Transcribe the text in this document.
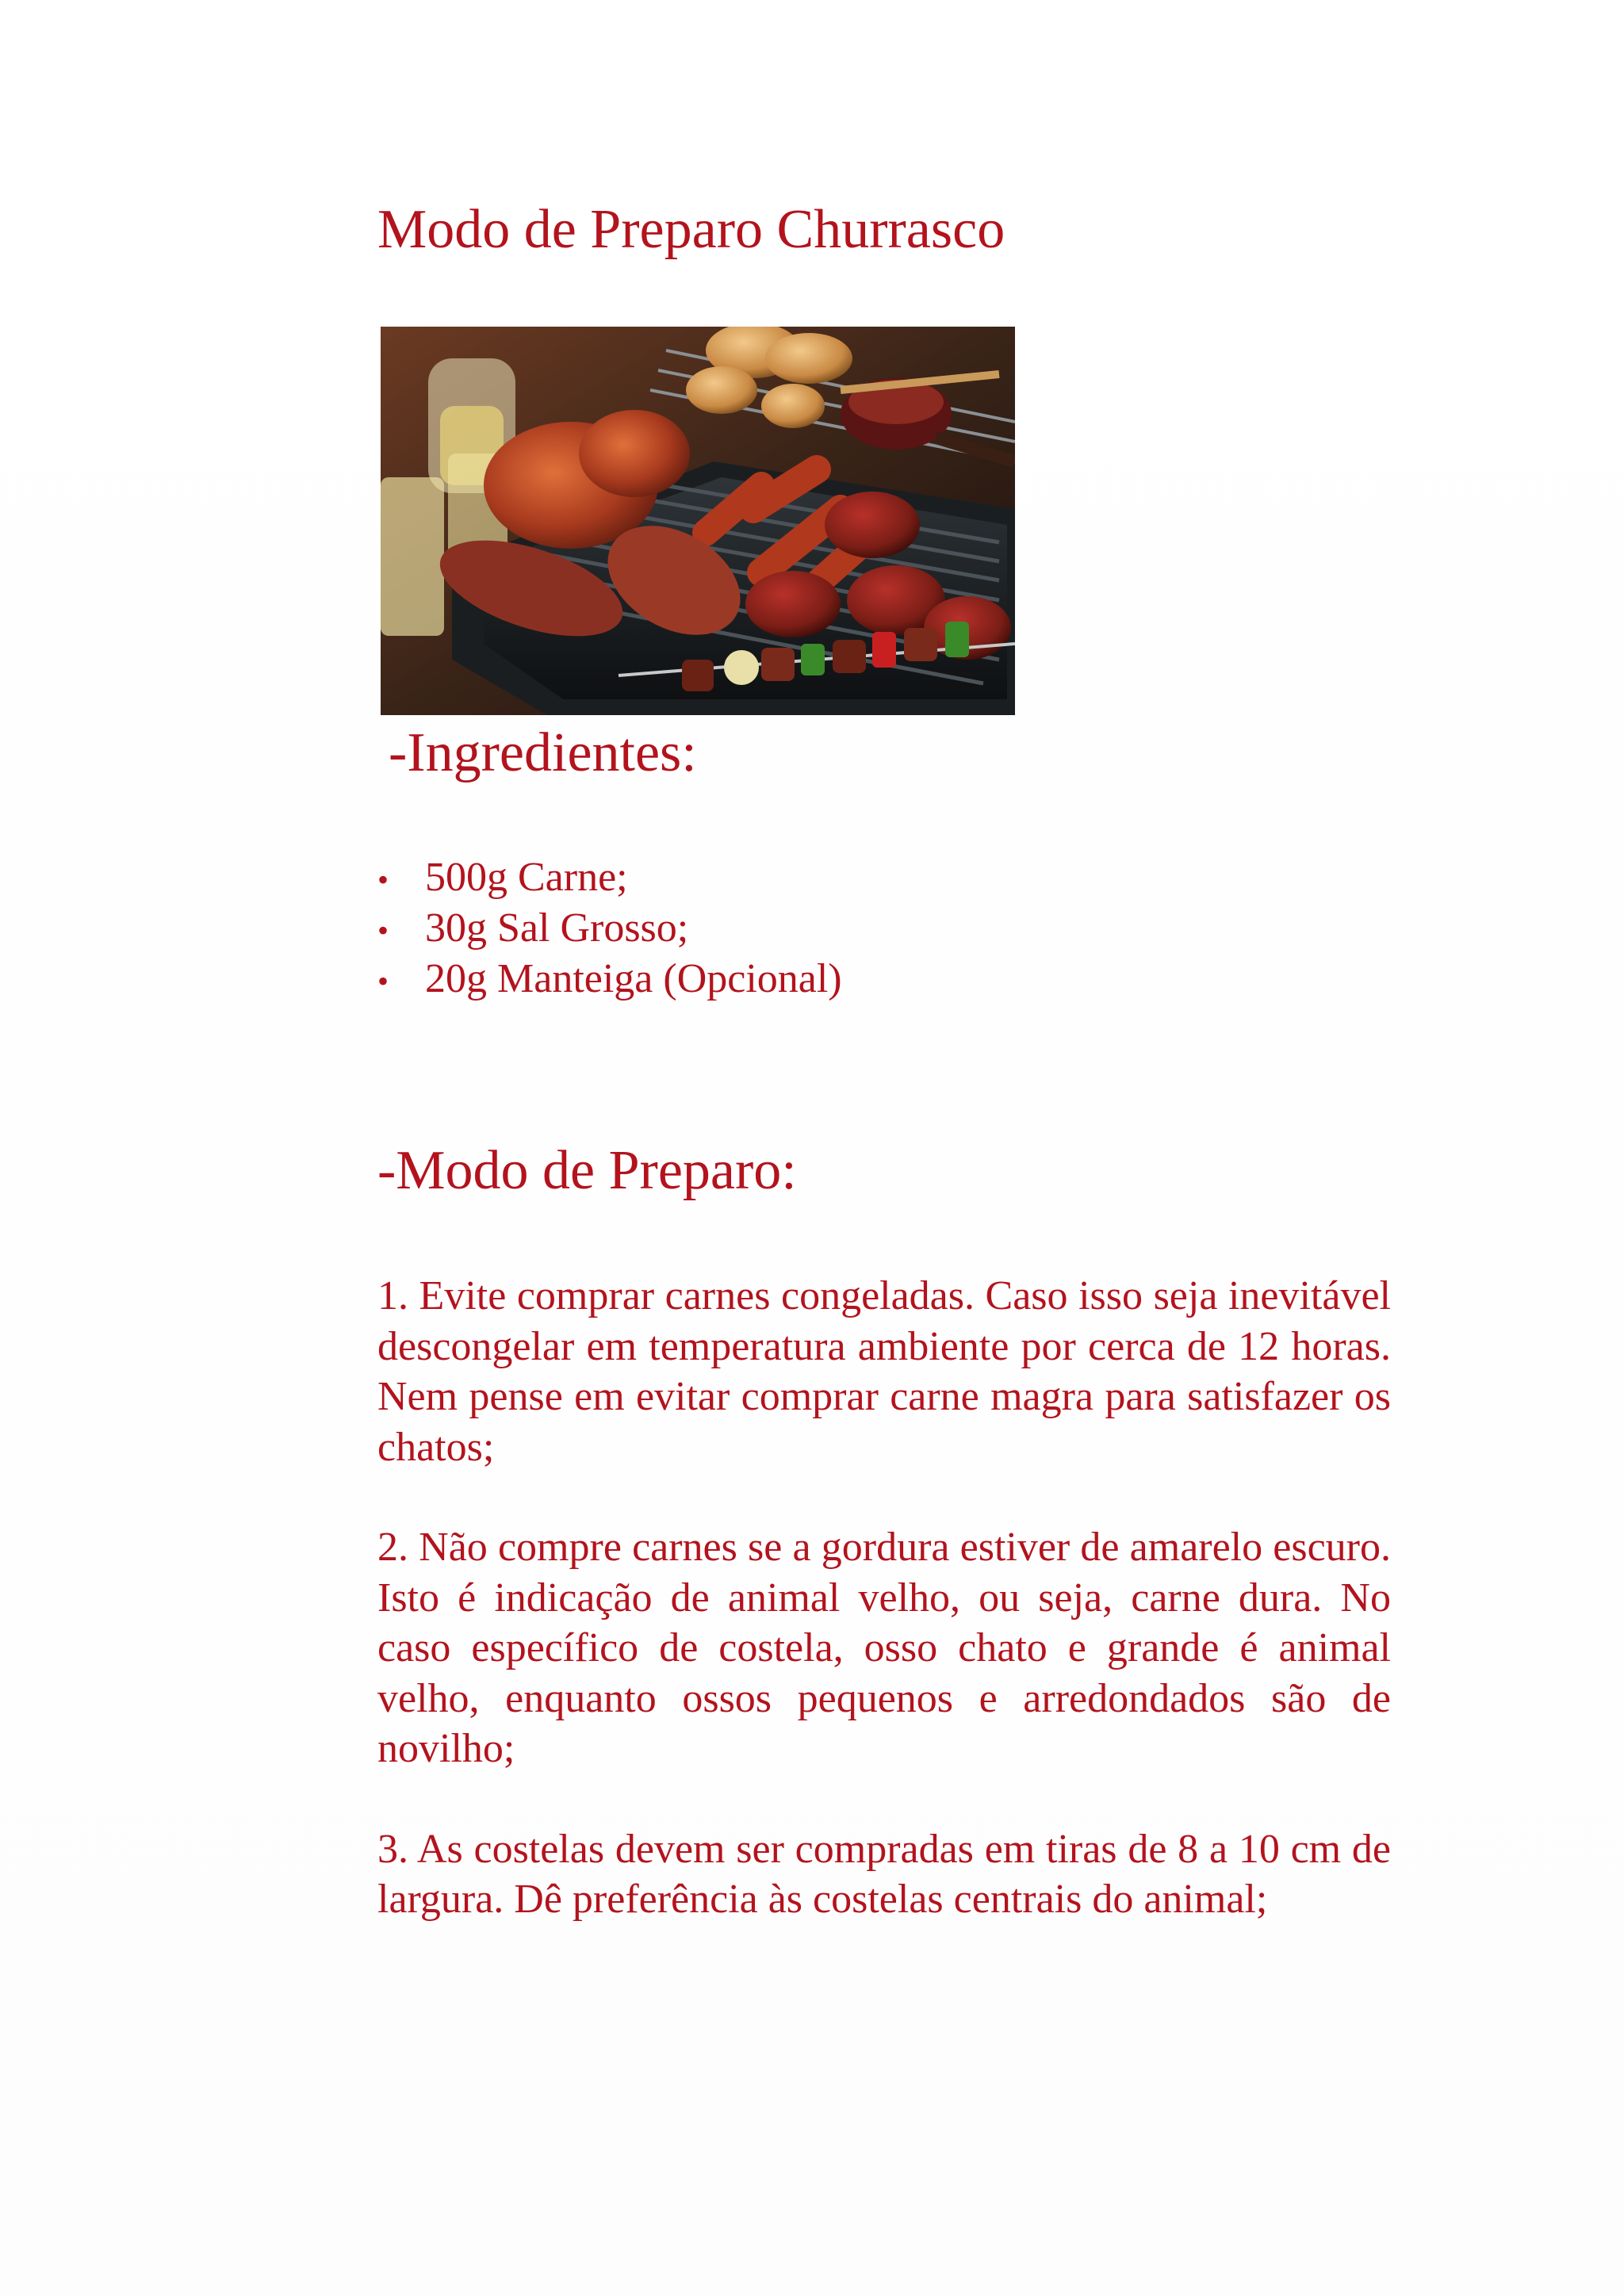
Modo de Preparo Churrasco
-Ingredientes:
• 500g Carne;
• 30g Sal Grosso;
• 20g Manteiga (Opcional)
-Modo de Preparo:

1. Evite comprar carnes congeladas. Caso isso seja inevitável descongelar em temperatura ambiente por cerca de 12 horas. Nem pense em evitar comprar carne magra para satisfazer os chatos;

2. Não compre carnes se a gordura estiver de amarelo escuro. Isto é indicação de animal velho, ou seja, carne dura. No caso específico de costela, osso chato e grande é animal velho, enquanto ossos pequenos e arredondados são de novilho;

3. As costelas devem ser compradas em tiras de 8 a 10 cm de largura. Dê preferência às costelas centrais do animal;
